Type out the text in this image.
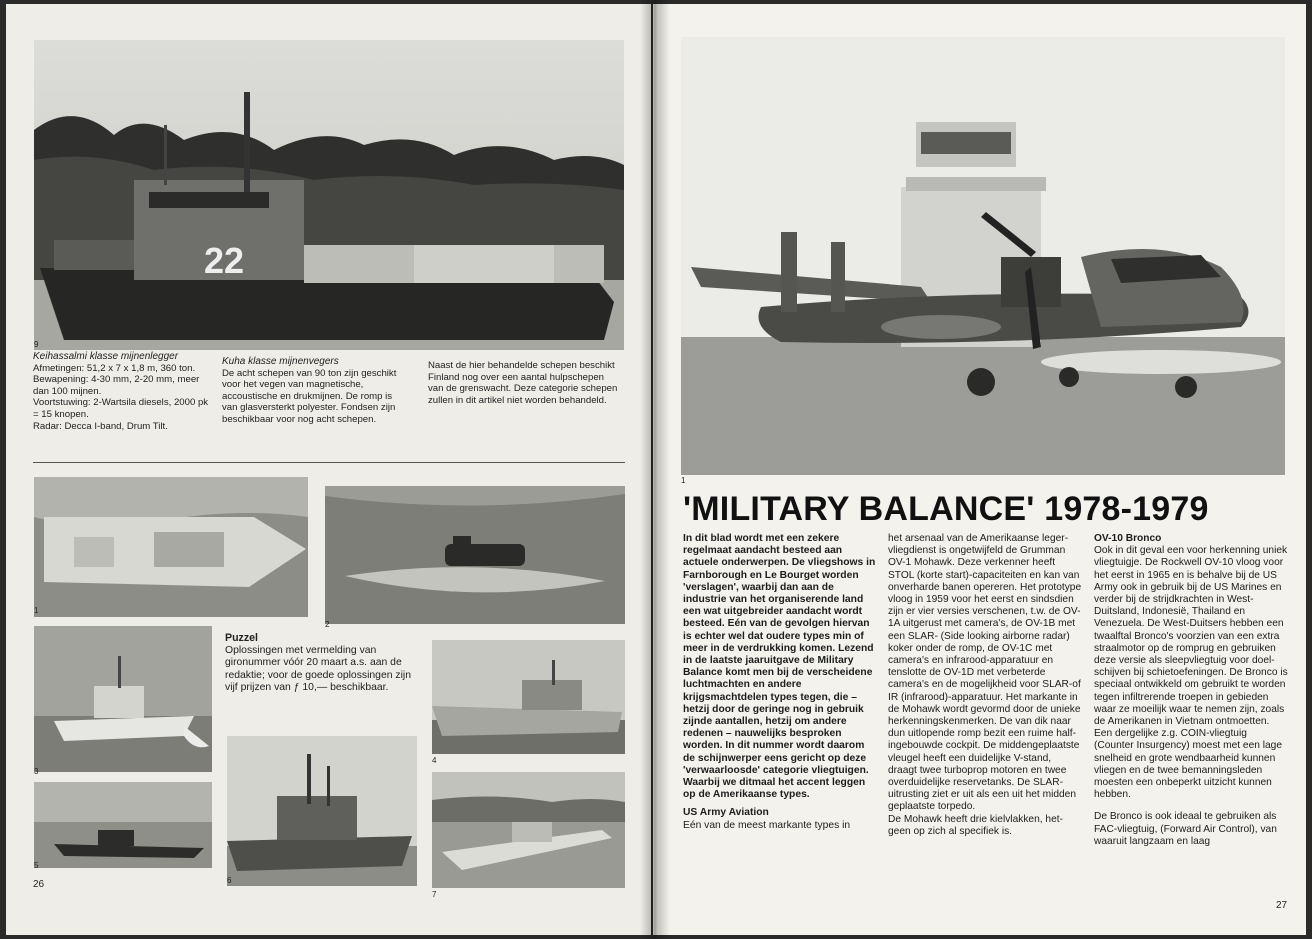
22
9
Keihassalmi klasse mijnenlegger

Afmetingen: 51,2 x 7 x 1,8 m, 360 ton.

Bewapening: 4-30 mm, 2-20 mm, meer dan 100 mijnen.

Voortstuwing: 2-Wartsila diesels, 2000 pk = 15 knopen.

Radar: Decca I-band, Drum Tilt.

Kuha klasse mijnenvegers

De acht schepen van 90 ton zijn geschikt voor het vegen van magnetische, accoustische en drukmijnen. De romp is van glasversterkt polyester. Fondsen zijn beschikbaar voor nog acht schepen.

Naast de hier behandelde schepen beschikt Finland nog over een aantal hulpschepen van de grenswacht. Deze categorie schepen zullen in dit artikel niet worden behandeld.

1
2
3
Puzzel

Oplossingen met vermelding van gironummer vóór 20 maart a.s. aan de redaktie; voor de goede oplossingen zijn vijf prijzen van ƒ 10,— beschikbaar.

4
5
6
7
26
1
'MILITARY BALANCE' 1978-1979

In dit blad wordt met een zekere regelmaat aandacht besteed aan actuele onderwerpen. De vliegshows in Farnborough en Le Bourget worden 'verslagen', waarbij dan aan de industrie van het organiserende land een wat uitgebreider aandacht wordt besteed. Eén van de gevolgen hiervan is echter wel dat oudere types min of meer in de verdrukking komen. Lezend in de laatste jaaruitgave de Military Balance komt men bij de verscheidene luchtmachten en andere krijgsmachtdelen types tegen, die – hetzij door de geringe nog in gebruik zijnde aantallen, hetzij om andere redenen – nauwelijks besproken worden. In dit nummer wordt daarom de schijnwerper eens gericht op deze 'verwaarloosde' categorie vliegtuigen. Waarbij we ditmaal het accent leggen op de Amerikaanse types.

US Army Aviation

Eén van de meest markante types in

het arsenaal van de Amerikaanse legervliegdienst is ongetwijfeld de Grumman OV-1 Mohawk. Deze verkenner heeft STOL (korte start)-capaciteiten en kan van onverharde banen opereren. Het prototype vloog in 1959 voor het eerst en sindsdien zijn er vier versies verschenen, t.w. de OV-1A uitgerust met camera's, de OV-1B met een SLAR- (Side looking airborne radar) koker onder de romp, de OV-1C met camera's en infrarood-apparatuur en tenslotte de OV-1D met verbeterde camera's en de mogelijkheid voor SLAR-of IR (infrarood)-apparatuur. Het markante in de Mohawk wordt gevormd door de unieke herkenningskenmerken. De van dik naar dun uitlopende romp bezit een ruime halfingebouwde cockpit. De middengeplaatste vleugel heeft een duidelijke V-stand, draagt twee turboprop motoren en twee overduidelijke reservetanks. De SLAR-uitrusting ziet er uit als een uit het midden geplaatste torpedo.

De Mohawk heeft drie kielvlakken, hetgeen op zich al specifiek is.

OV-10 Bronco

Ook in dit geval een voor herkenning uniek vliegtuigje. De Rockwell OV-10 vloog voor het eerst in 1965 en is behalve bij de US Army ook in gebruik bij de US Marines en verder bij de strijdkrachten in West-Duitsland, Indonesië, Thailand en Venezuela. De West-Duitsers hebben een twaalftal Bronco's voorzien van een extra straalmotor op de romprug en gebruiken deze versie als sleepvliegtuig voor doelschijven bij schietoefeningen. De Bronco is speciaal ontwikkeld om gebruikt te worden tegen infiltrerende troepen in gebieden waar ze moeilijk waar te nemen zijn, zoals de Amerikanen in Vietnam ontmoetten. Een dergelijke z.g. COIN-vliegtuig (Counter Insurgency) moest met een lage snelheid en grote wendbaarheid kunnen vliegen en de twee bemanningsleden moesten een onbeperkt uitzicht kunnen hebben.

De Bronco is ook ideaal te gebruiken als FAC-vliegtuig, (Forward Air Control), van waaruit langzaam en laag

27
